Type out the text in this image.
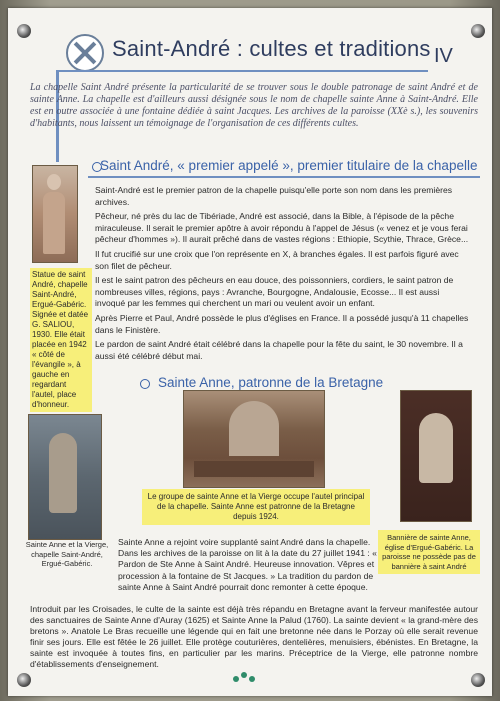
Saint-André : cultes et traditions IV
La chapelle Saint André présente la particularité de se trouver sous le double patronage de saint André et de sainte Anne. La chapelle est d'ailleurs aussi désignée sous le nom de chapelle sainte Anne à Saint-André. Elle est en outre associée à une fontaine dédiée à saint Jacques. Les archives de la paroisse (XXè s.), les souvenirs d'habitants, nous laissent un témoignage de l'organisation de ces différents cultes.
Saint André, « premier appelé », premier titulaire de la chapelle

Saint-André est le premier patron de la chapelle puisqu'elle porte son nom dans les premières archives.

Pêcheur, né près du lac de Tibériade, André est associé, dans la Bible, à l'épisode de la pêche miraculeuse. Il serait le premier apôtre à avoir répondu à l'appel de Jésus (« venez et je vous ferai pêcheur d'hommes »). Il aurait prêché dans de vastes régions : Ethiopie, Scythie, Thrace, Grèce...

Il fut crucifié sur une croix que l'on représente en X, à branches égales. Il est parfois figuré avec son filet de pêcheur.

Il est le saint patron des pêcheurs en eau douce, des poissonniers, cordiers, le saint patron de nombreuses villes, régions, pays : Avranche, Bourgogne, Andalousie, Ecosse... Il est aussi invoqué par les femmes qui cherchent un mari ou veulent avoir un enfant.

Après Pierre et Paul, André possède le plus d'églises en France. Il a possédé jusqu'à 11 chapelles dans le Finistère.

Le pardon de saint André était célébré dans la chapelle pour la fête du saint, le 30 novembre. Il a aussi été célébré début mai.

Statue de saint André, chapelle Saint-André, Ergué-Gabéric. Signée et datée G. SALIOU, 1930. Elle était placée en 1942 « côté de l'évangile », à gauche en regardant l'autel, place d'honneur.
Sainte Anne, patronne de la Bretagne
Le groupe de sainte Anne et la Vierge occupe l'autel principal de la chapelle. Sainte Anne est patronne de la Bretagne depuis 1924.
Bannière de sainte Anne, église d'Ergué-Gabéric. La paroisse ne possède pas de bannière à saint André
Sainte Anne et la Vierge, chapelle Saint-André, Ergué-Gabéric.
Sainte Anne a rejoint voire supplanté saint André dans la chapelle. Dans les archives de la paroisse on lit à la date du 27 juillet 1941 : « Pardon de Ste Anne à Saint André. Heureuse innovation. Vêpres et procession à la fontaine de St Jacques. » La tradition du pardon de sainte Anne à Saint André pourrait donc remonter à cette époque.
Introduit par les Croisades, le culte de la sainte est déjà très répandu en Bretagne avant la ferveur manifestée autour des sanctuaires de Sainte Anne d'Auray (1625) et Sainte Anne la Palud (1760). La sainte devient « la grand-mère des bretons ». Anatole Le Bras recueille une légende qui en fait une bretonne née dans le Porzay où elle serait revenue finir ses jours. Elle est fêtée le 26 juillet. Elle protège couturières, dentelières, menuisiers, ébénistes. En Bretagne, la sainte est invoquée à toutes fins, en particulier par les marins. Préceptrice de la Vierge, elle patronne nombre d'établissements d'enseignement.
